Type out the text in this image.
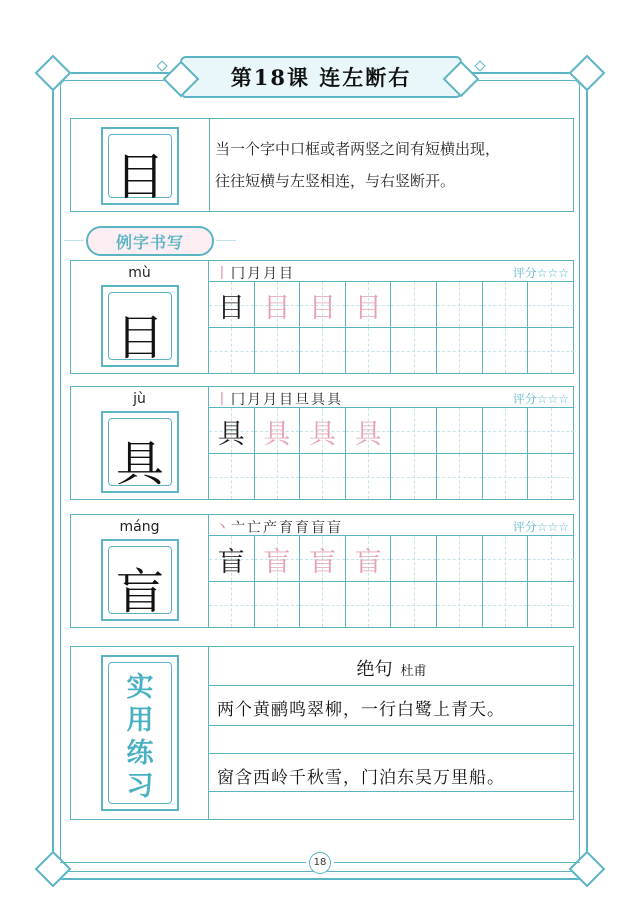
第18课 连左断右
目	当一个字中口框或者两竖之间有短横出现，
往往短横与左竖相连，与右竖断开。
例字书写
mù
目
丨冂月月目	评分☆☆☆
目 目 目 目
jù
具
丨冂月月目旦具具	评分☆☆☆
具 具 具 具
máng
盲
丶亠亡产育育盲盲	评分☆☆☆
盲 盲 盲 盲
实
用
练
习
绝句 杜甫
两个黄鹂鸣翠柳，一行白鹭上青天。
窗含西岭千秋雪，门泊东吴万里船。
18
